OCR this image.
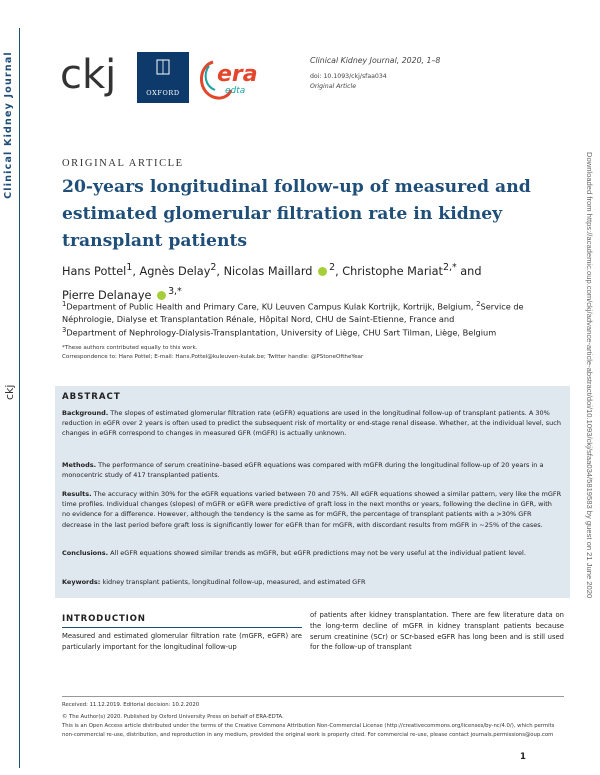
Clinical Kidney Journal
ckj	Downloaded from https://academic.oup.com/ckj/advance-article-abstract/doi/10.1093/ckj/sfaa034/5819583 by guest on 21 June 2020
ckj	OXFORD
era
edta
Clinical Kidney Journal, 2020, 1–8
doi: 10.1093/ckj/sfaa034
Original Article
ORIGINAL ARTICLE
20-years longitudinal follow-up of measured and estimated glomerular filtration rate in kidney transplant patients
Hans Pottel$^1$, Agnès Delay$^2$, Nicolas Maillard $^2$, Christophe Mariat$^{2,*}$ and
Pierre Delanaye $^{3,*}$
$^1$Department of Public Health and Primary Care, KU Leuven Campus Kulak Kortrijk, Kortrijk, Belgium, $^2$Service de Néphrologie, Dialyse et Transplantation Rénale, Hôpital Nord, CHU de Saint-Etienne, France and
$^3$Department of Nephrology-Dialysis-Transplantation, University of Liège, CHU Sart Tilman, Liège, Belgium
*These authors contributed equally to this work.
Correspondence to: Hans Pottel; E-mail: Hans.Pottel@kuleuven-kulak.be; Twitter handle: @PStoneOftheYear
ABSTRACT
Background. The slopes of estimated glomerular filtration rate (eGFR) equations are used in the longitudinal follow-up of transplant patients. A 30% reduction in eGFR over 2 years is often used to predict the subsequent risk of mortality or end-stage renal disease. Whether, at the individual level, such changes in eGFR correspond to changes in measured GFR (mGFR) is actually unknown.
Methods. The performance of serum creatinine–based eGFR equations was compared with mGFR during the longitudinal follow-up of 20 years in a monocentric study of 417 transplanted patients.
Results. The accuracy within 30% for the eGFR equations varied between 70 and 75%. All eGFR equations showed a similar pattern, very like the mGFR time profiles. Individual changes (slopes) of mGFR or eGFR were predictive of graft loss in the next months or years, following the decline in GFR, with no evidence for a difference. However, although the tendency is the same as for mGFR, the percentage of transplant patients with a >30% GFR decrease in the last period before graft loss is significantly lower for eGFR than for mGFR, with discordant results from mGFR in ~25% of the cases.
Conclusions. All eGFR equations showed similar trends as mGFR, but eGFR predictions may not be very useful at the individual patient level.
Keywords: kidney transplant patients, longitudinal follow-up, measured, and estimated GFR
INTRODUCTION
Measured and estimated glomerular filtration rate (mGFR, eGFR) are particularly important for the longitudinal follow-up
of patients after kidney transplantation. There are few literature data on the long-term decline of mGFR in kidney transplant patients because serum creatinine (SCr) or SCr-based eGFR has long been and is still used for the follow-up of transplant
Received: 11.12.2019. Editorial decision: 10.2.2020
© The Author(s) 2020. Published by Oxford University Press on behalf of ERA-EDTA.
This is an Open Access article distributed under the terms of the Creative Commons Attribution Non-Commercial License (http://creativecommons.org/licenses/by-nc/4.0/), which permits non-commercial re-use, distribution, and reproduction in any medium, provided the original work is properly cited. For commercial re-use, please contact journals.permissions@oup.com
1
